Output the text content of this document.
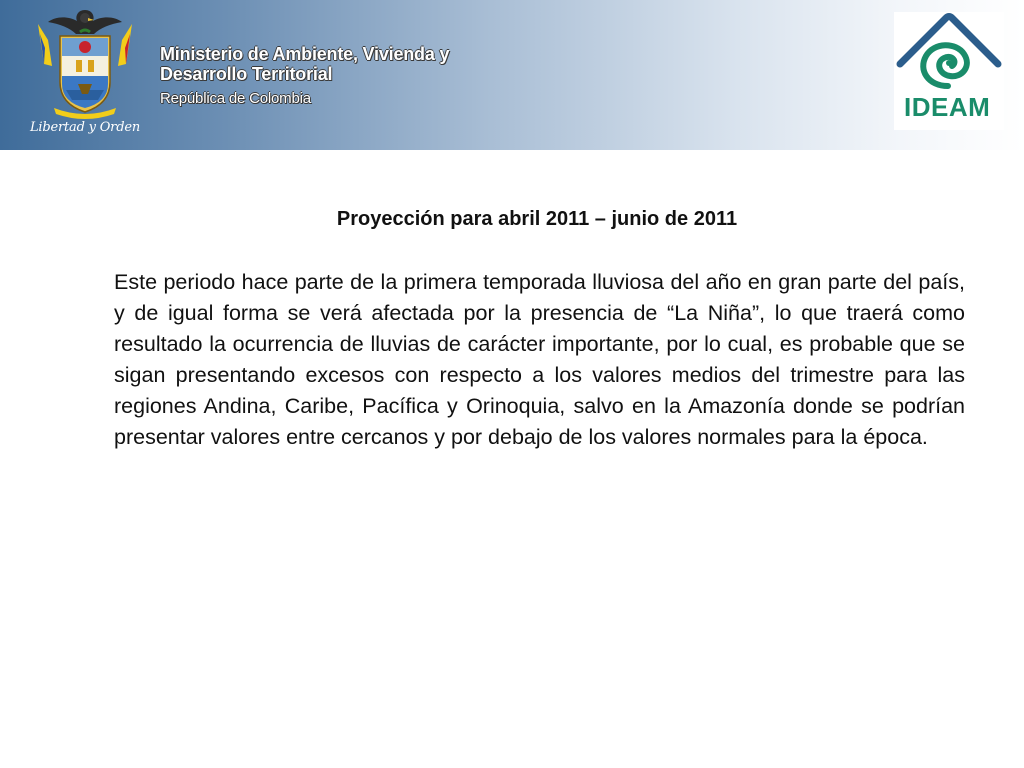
Libertad y Orden
Ministerio de Ambiente, Vivienda y Desarrollo Territorial
República de Colombia	IDEAM
Proyección para abril 2011 – junio de 2011

Este periodo hace parte de la primera temporada lluviosa del año en gran parte del país, y de igual forma se verá afectada por la presencia de “La Niña”, lo que traerá como resultado la ocurrencia de lluvias de carácter importante, por lo cual, es probable que se sigan presentando excesos con respecto a los valores medios del trimestre para las regiones Andina, Caribe, Pacífica y Orinoquia, salvo en la Amazonía donde se podrían presentar valores entre cercanos y por debajo de los valores normales para la época.
